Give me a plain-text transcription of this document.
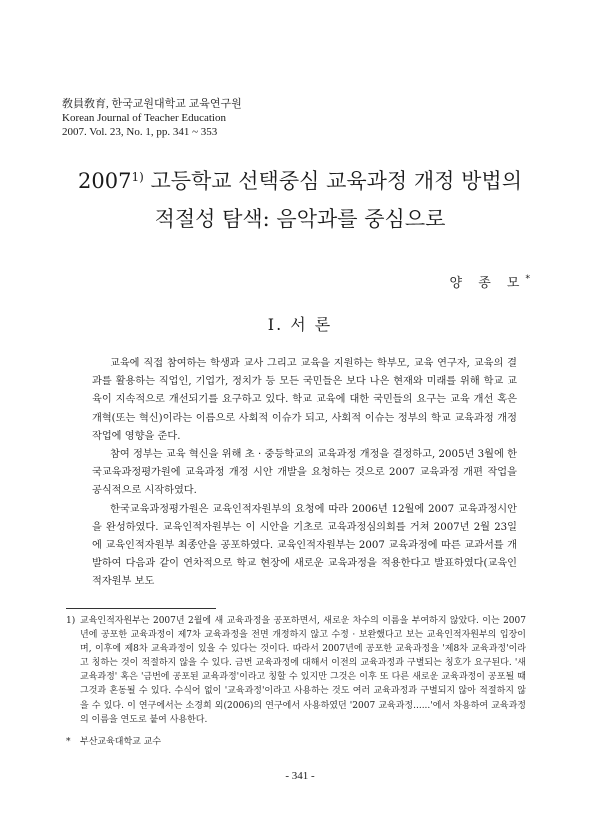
敎員敎育, 한국교원대학교 교육연구원
Korean Journal of Teacher Education
2007. Vol. 23, No. 1, pp. 341 ~ 353
2007$^{1)}$ 고등학교 선택중심 교육과정 개정 방법의
적절성 탐색: 음악과를 중심으로
양 종 모*
Ⅰ. 서 론

교육에 직접 참여하는 학생과 교사 그리고 교육을 지원하는 학부모, 교육 연구자, 교육의 결과를 활용하는 직업인, 기업가, 정치가 등 모든 국민들은 보다 나은 현재와 미래를 위해 학교 교육이 지속적으로 개선되기를 요구하고 있다. 학교 교육에 대한 국민들의 요구는 교육 개선 혹은 개혁(또는 혁신)이라는 이름으로 사회적 이슈가 되고, 사회적 이슈는 정부의 학교 교육과정 개정 작업에 영향을 준다.

참여 정부는 교육 혁신을 위해 초 · 중등학교의 교육과정 개정을 결정하고, 2005년 3월에 한국교육과정평가원에 교육과정 개정 시안 개발을 요청하는 것으로 2007 교육과정 개편 작업을 공식적으로 시작하였다.

한국교육과정평가원은 교육인적자원부의 요청에 따라 2006년 12월에 2007 교육과정시안을 완성하였다. 교육인적자원부는 이 시안을 기초로 교육과정심의회를 거쳐 2007년 2월 23일에 교육인적자원부 최종안을 공포하였다. 교육인적자원부는 2007 교육과정에 따른 교과서를 개발하여 다음과 같이 연차적으로 학교 현장에 새로운 교육과정을 적용한다고 발표하였다(교육인적자원부 보도

1) 교육인적자원부는 2007년 2월에 새 교육과정을 공포하면서, 새로운 차수의 이름을 부여하지 않았다. 이는 2007년에 공포한 교육과정이 제7차 교육과정을 전면 개정하지 않고 수정 · 보완했다고 보는 교육인적자원부의 입장이며, 이후에 제8차 교육과정이 있을 수 있다는 것이다. 따라서 2007년에 공포한 교육과정을 '제8차 교육과정'이라고 칭하는 것이 적절하지 않을 수 있다. 금번 교육과정에 대해서 이전의 교육과정과 구별되는 칭호가 요구된다. '새 교육과정' 혹은 '금번에 공포된 교육과정'이라고 칭할 수 있지만 그것은 이후 또 다른 새로운 교육과정이 공포될 때 그것과 혼동될 수 있다. 수식어 없이 '교육과정'이라고 사용하는 것도 여러 교육과정과 구별되지 않아 적절하지 않을 수 있다. 이 연구에서는 소경희 외(2006)의 연구에서 사용하였던 '2007 교육과정......'에서 차용하여 교육과정의 이름을 연도로 붙여 사용한다.
*	부산교육대학교 교수
- 341 -
